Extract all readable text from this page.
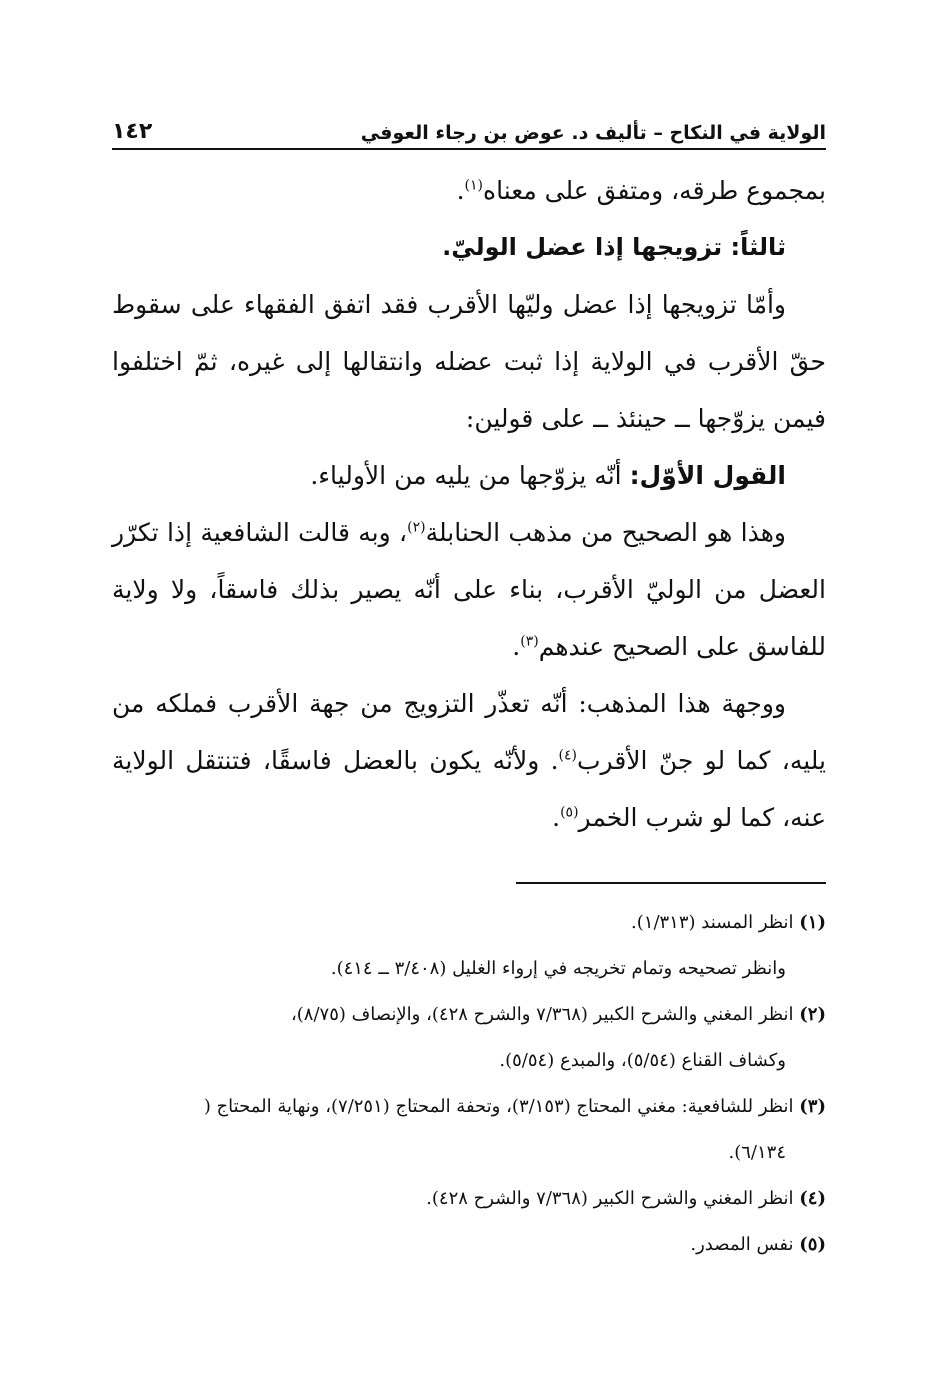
الولاية في النكاح – تأليف د. عوض بن رجاء العوفي
١٤٢

بمجموع طرقه، ومتفق على معناه$^{(١)}$.

ثالثاً: تزويجها إذا عضل الوليّ.

وأمّا تزويجها إذا عضل وليّها الأقرب فقد اتفق الفقهاء على سقوط حقّ الأقرب في الولاية إذا ثبت عضله وانتقالها إلى غيره، ثمّ اختلفوا فيمن يزوّجها ــ حينئذ ــ على قولين:

القول الأوّل: أنّه يزوّجها من يليه من الأولياء.

وهذا هو الصحيح من مذهب الحنابلة$^{(٢)}$، وبه قالت الشافعية إذا تكرّر العضل من الوليّ الأقرب، بناء على أنّه يصير بذلك فاسقاً، ولا ولاية للفاسق على الصحيح عندهم$^{(٣)}$.

ووجهة هذا المذهب: أنّه تعذّر التزويج من جهة الأقرب فملكه من يليه، كما لو جنّ الأقرب$^{(٤)}$. ولأنّه يكون بالعضل فاسقًا، فتنتقل الولاية عنه، كما لو شرب الخمر$^{(٥)}$.

(١) انظر المسند (١/٣١٣).

وانظر تصحيحه وتمام تخريجه في إرواء الغليل (٣/٤٠٨ ــ ٤١٤).

(٢) انظر المغني والشرح الكبير (٧/٣٦٨ والشرح ٤٢٨)، والإنصاف (٨/٧٥)،

وكشاف القناع (٥/٥٤)، والمبدع (٥/٥٤).

(٣) انظر للشافعية: مغني المحتاج (٣/١٥٣)، وتحفة المحتاج (٧/٢٥١)، ونهاية المحتاج (

٦/١٣٤).

(٤) انظر المغني والشرح الكبير (٧/٣٦٨ والشرح ٤٢٨).

(٥) نفس المصدر.
